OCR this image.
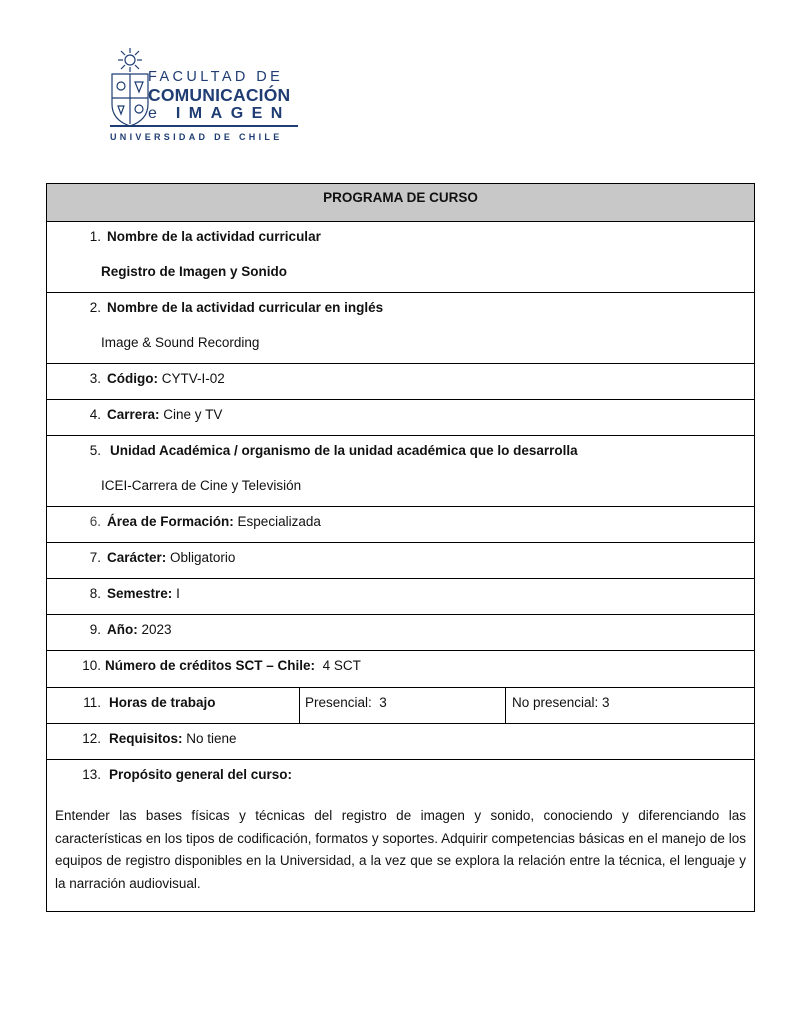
FACULTAD DE
COMUNICACIÓN
e IMAGEN
UNIVERSIDAD DE CHILE
PROGRAMA DE CURSO
1. Nombre de la actividad curricular
Registro de Imagen y Sonido
2. Nombre de la actividad curricular en inglés
Image & Sound Recording
3. Código: CYTV-I-02
4. Carrera: Cine y TV
5. Unidad Académica / organismo de la unidad académica que lo desarrolla
ICEI-Carrera de Cine y Televisión
6. Área de Formación: Especializada
7. Carácter: Obligatorio
8. Semestre: I
9. Año: 2023
10. Número de créditos SCT – Chile: 4 SCT
11. Horas de trabajo	Presencial:  3	No presencial: 3
12. Requisitos: No tiene
13. Propósito general del curso:
Entender las bases físicas y técnicas del registro de imagen y sonido, conociendo y diferenciando las características en los tipos de codificación, formatos y soportes. Adquirir competencias básicas en el manejo de los equipos de registro disponibles en la Universidad, a la vez que se explora la relación entre la técnica, el lenguaje y la narración audiovisual.
